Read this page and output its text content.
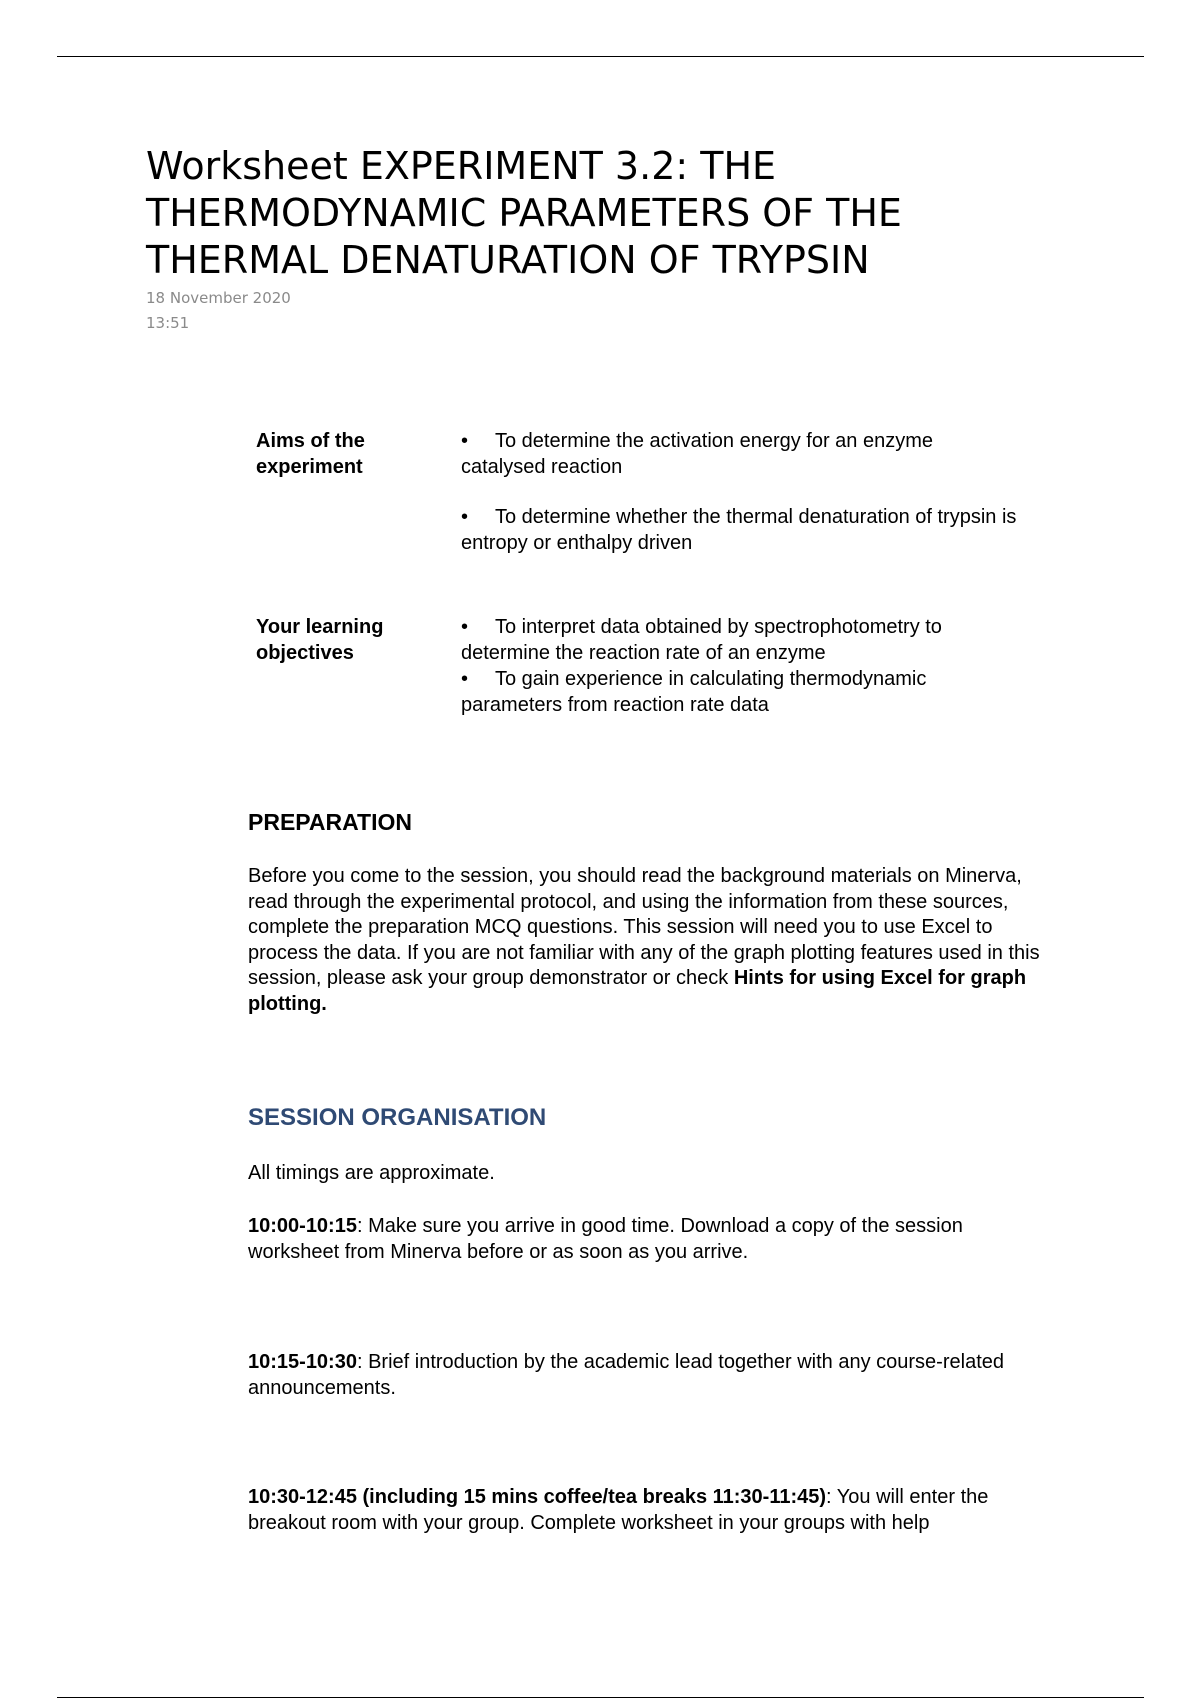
Worksheet EXPERIMENT 3.2: THE THERMODYNAMIC PARAMETERS OF THE THERMAL DENATURATION OF TRYPSIN
18 November 2020
13:51
Aims of the experiment

• To determine the activation energy for an enzyme catalysed reaction

• To determine whether the thermal denaturation of trypsin is entropy or enthalpy driven

Your learning objectives

• To interpret data obtained by spectrophotometry to determine the reaction rate of an enzyme

• To gain experience in calculating thermodynamic parameters from reaction rate data

PREPARATION

Before you come to the session, you should read the background materials on Minerva, read through the experimental protocol, and using the information from these sources, complete the preparation MCQ questions. This session will need you to use Excel to process the data. If you are not familiar with any of the graph plotting features used in this session, please ask your group demonstrator or check Hints for using Excel for graph plotting.

SESSION ORGANISATION

All timings are approximate.

10:00-10:15: Make sure you arrive in good time. Download a copy of the session worksheet from Minerva before or as soon as you arrive.

10:15-10:30: Brief introduction by the academic lead together with any course-related announcements.

10:30-12:45 (including 15 mins coffee/tea breaks 11:30-11:45): You will enter the breakout room with your group. Complete worksheet in your groups with help
